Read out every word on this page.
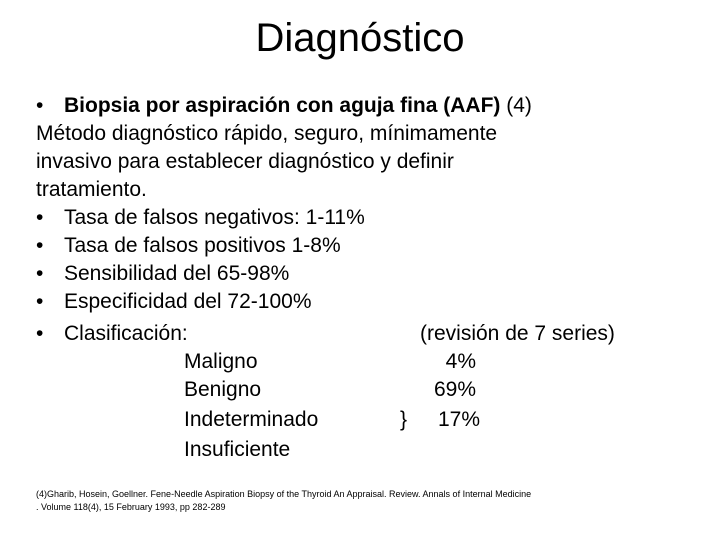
Diagnóstico
• Biopsia por aspiración con aguja fina (AAF) (4)
Método diagnóstico rápido, seguro, mínimamente
invasivo para establecer diagnóstico y definir
tratamiento.
• Tasa de falsos negativos: 1-11%
• Tasa de falsos positivos 1-8%
• Sensibilidad del 65-98%
• Especificidad del 72-100%
• Clasificación:	(revisión de 7 series)
Maligno	4%
Benigno	69%
Indeterminado	}	17%
Insuficiente
(4)Gharib, Hosein, Goellner. Fene-Needle Aspiration Biopsy of the Thyroid An Appraisal. Review. Annals of Internal Medicine
. Volume 118(4), 15 February 1993, pp 282-289
